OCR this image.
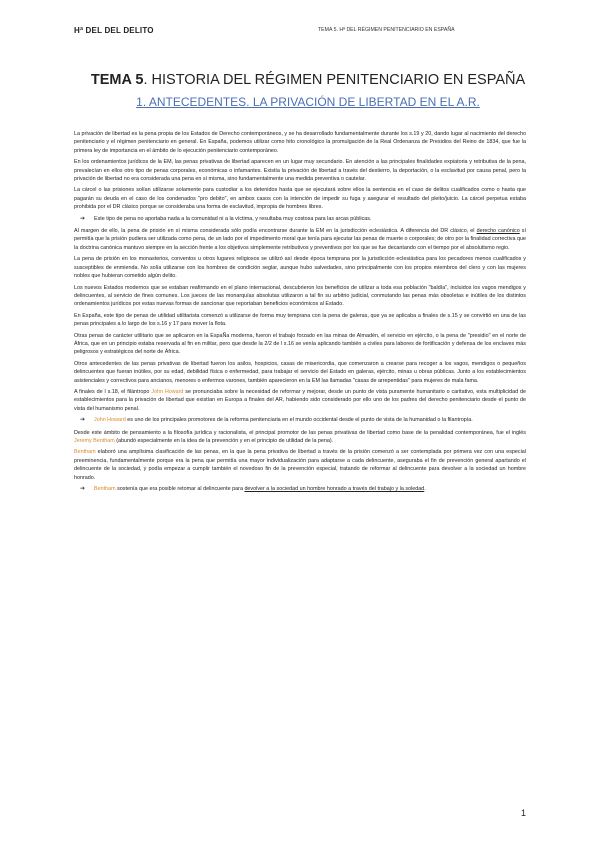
Hª DEL DEL DELITO	TEMA 5. Hª DEL RÉGIMEN PENITENCIARIO EN ESPAÑA
TEMA 5. HISTORIA DEL RÉGIMEN PENITENCIARIO EN ESPAÑA
1. ANTECEDENTES. LA PRIVACIÓN DE LIBERTAD EN EL A.R.

La privación de libertad es la pena propia de los Estados de Derecho contemporáneos, y se ha desarrollado fundamentalmente durante los s.19 y 20, dando lugar al nacimiento del derecho penitenciario y el régimen penitenciario en general. En España, podemos utilizar como hito cronológico la promulgación de la Real Ordenanza de Presidios del Reino de 1834, que fue la primera ley de importancia en el ámbito de lo ejecución penitenciario contemporáneo.

En los ordenamientos jurídicos de la EM, las penas privativas de libertad aparecen en un lugar muy secundario. En atención a las principales finalidades expiatoria y retributiva de la pena, prevalecían en ellos otro tipo de penas corporales, económicas o infamantes. Existía la privación de libertad a través del destierro, la deportación, o la esclavitud por causa penal, pero la privación de libertad no era considerada una pena en sí misma, sino fundamentalmente una medida preventiva o cautelar.

La cárcel o las prisiones solían utilizarse solamente para custodiar a los detenidos hasta que se ejecutará sobre ellos la sentencia en el caso de delitos cualificados como o hasta que pagarán su deuda en el caso de los condenados "pro debito", en ambos casos con la intención de impedir su fuga y asegurar el resultado del pleito/juicio. La cárcel perpetua estaba prohibida por el DR clásico porque se consideraba una forma de esclavitud, impropia de hombres libres.

➔ Este tipo de pena no aportaba nada a la comunidad ni a la víctima, y resultaba muy costosa para las arcas públicas.

Al margen de ello, la pena de prisión en sí misma considerada sólo podía encontrarse durante la EM en la jurisdicción eclesiástica. A diferencia del DR clásico, el derecho canónico sí permitía que la prisión pudiera ser utilizada como pena, de un lado por el impedimento moral que tenía para ejecutar las penas de muerte o corporales; de otro por la finalidad correctiva que la doctrina canónica mantuvo siempre en la sección frente a los objetivos simplemente retributivos y preventivos por los que se fue decantando con el tiempo por el absolutismo regio.

La pena de prisión en los monasterios, conventos u otros lugares religiosos se utilizó así desde época temprana por la jurisdicción eclesiástica para los pecadores menos cualificados y susceptibles de enmienda. No solía utilizarse con los hombres de condición seglar, aunque hubo salvedades, sino principalmente con los propios miembros del clero y con las mujeres nobles que hubieran cometido algún delito.

Los nuevos Estados modernos que se estaban reafirmando en el plano internacional, descubrieron los beneficios de utilizar a toda esa población "baldía", incluidos los vagos mendigos y delincuentes, al servicio de fines comunes. Los jueces de las monarquías absolutas utilizaron a tal fin su arbitrio judicial, conmutando las penas más obsoletas e inútiles de los distintos ordenamientos jurídicos por estas nuevas formas de sancionar que reportaban beneficios económicos al Estado.

En España, este tipo de penas de utilidad utilitarista comenzó a utilizarse de forma muy temprana con la pena de galeras, que ya se aplicaba a finales de s.15 y se convirtió en una de las penas principales a lo largo de los s.16 y 17 para mover la flota.

Otras penas de carácter utilitario que se aplicaron en la EspaÑa moderna, fueron el trabajo forzado en las minas de Almadén, el servicio en ejército, o la pena de "presidio" en el norte de África, que en un principio estaba reservada al fin en militar, pero que desde la 2/2 de l s.16 se venía aplicando también a civiles para labores de fortificación y defensa de los enclaves más peligrosos y estratégicos del norte de África.

Otros antecedentes de las penas privativas de libertad fueron los asilos, hospicios, casas de misericordia, que comenzaron a crearse para recoger a los vagos, mendigos o pequeños delincuentes que fueran inútiles, por su edad, debilidad física o enfermedad, para trabajar el servicio del Estado en galeras, ejército, minas u obras públicas. Junto a los establecimientos asistenciales y correctivos para ancianos, menores o enfermos varones, también aparecieron en la EM las llamadas "casas de arrepentidas" para mujeres de mala fama.

A finales de l s.18, el filántropo John Howard se pronunciaba sobre la necesidad de reformar y mejorar, desde un punto de vista puramente humanitario o caritativo, esta multiplicidad de establecimientos para la privación de libertad que existían en Europa a finales del AR, habiendo sido considerado por ello uno de los padres del derecho penitenciario desde el punto de vista del humanismo penal.

➔ John Howard es uno de los principales promotores de la reforma penitenciaria en el mundo occidental desde el punto de vista de la humanidad o la filantropía.

Desde este ámbito de pensamiento a la filosofía jurídica y racionalista, el principal promotor de las penas privativas de libertad como base de la penalidad contemporánea, fue el inglés Jeremy Bentham (abundó especialmente en la idea de la prevención y en el principio de utilidad de la pena).

Bentham elaboró una amplísima clasificación de las penas, en la que la pena privativa de libertad a través de la prisión comenzó a ser contemplada por primera vez con una especial preeminencia, fundamentalmente porque era la pena que permitía una mayor individualización para adaptarse a cada delincuente, aseguraba el fin de prevención general apartando el delincuente de la sociedad, y podía empezar a cumplir también el novedoso fin de la prevención especial, tratando de reformar al delincuente para devolver a la sociedad un hombre honrado.

➔ Bentham sostenía que era posible retomar al delincuente para devolver a la sociedad un hombre honrado a través del trabajo y la soledad.
1
